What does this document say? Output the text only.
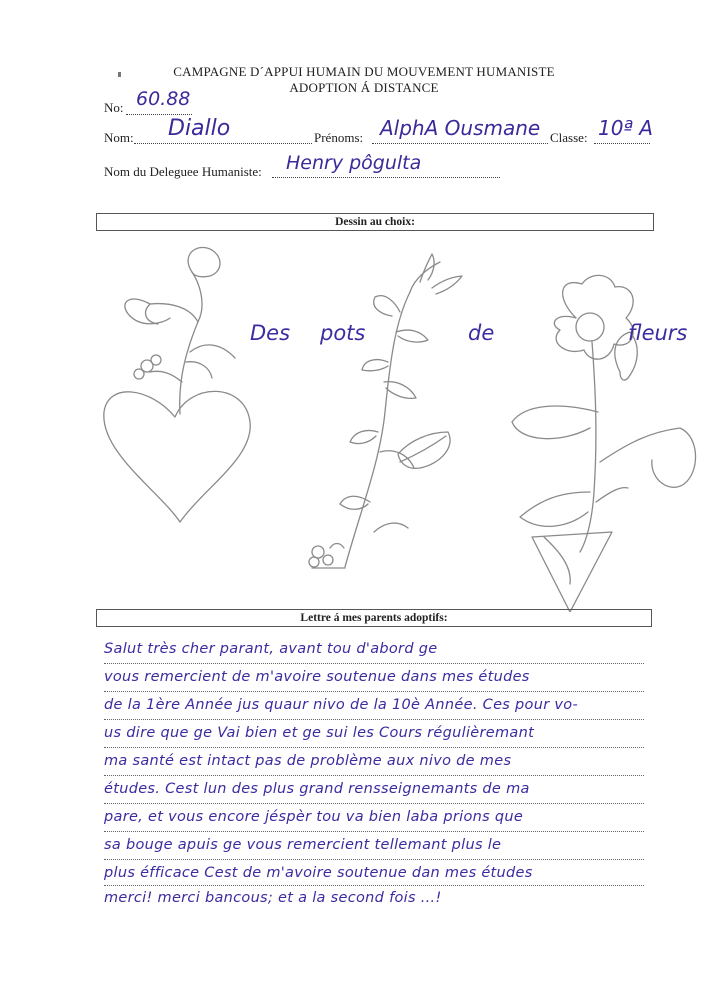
CAMPAGNE D´APPUI HUMAIN DU MOUVEMENT HUMANISTE
ADOPTION Á DISTANCE
No: 60.88
Nom: Diallo	Prénoms: AlphA Ousmane Classe: 10ª A
Nom du Deleguee Humaniste: Henry pôgulta
Dessin au choix:
Des pots	de	fleurs
Lettre á mes parents adoptifs:
Salut très cher parant, avant tou d'abord ge
vous remercient de m'avoire soutenue dans mes études
de la 1ère Année jus quaur nivo de la 10è Année. Ces pour vo-
us dire que ge Vai bien et ge sui les Cours régulièremant
ma santé est intact pas de problème aux nivo de mes
études. Cest lun des plus grand rensseignemants de ma
pare, et vous encore jéspèr tou va bien laba prions que
sa bouge apuis ge vous remercient tellemant plus le
plus éfficace Cest de m'avoire soutenue dan mes études
merci! merci bancous; et a la second fois ...!
